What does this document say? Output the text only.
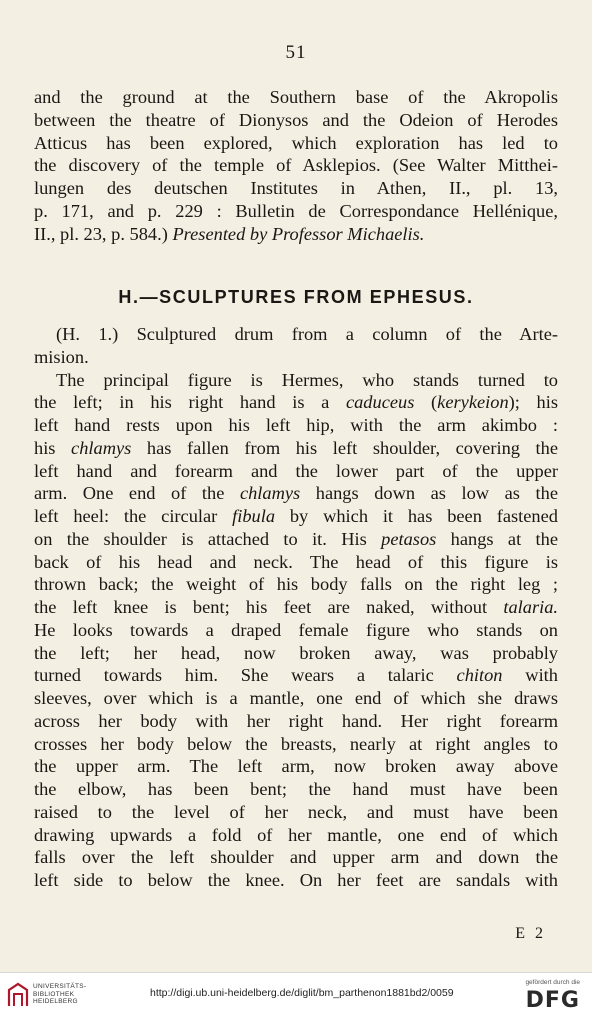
51
and the ground at the Southern base of the Akropolis
between the theatre of Dionysos and the Odeion of Herodes
Atticus has been explored, which exploration has led to
the discovery of the temple of Asklepios. (See Walter Mitthei-
lungen des deutschen Institutes in Athen, II., pl. 13,
p. 171, and p. 229 : Bulletin de Correspondance Hellénique,
II., pl. 23, p. 584.) Presented by Professor Michaelis.
H.—SCULPTURES FROM EPHESUS.
(H. 1.) Sculptured drum from a column of the Arte-
mision.
The principal figure is Hermes, who stands turned to
the left; in his right hand is a caduceus (kerykeion); his
left hand rests upon his left hip, with the arm akimbo :
his chlamys has fallen from his left shoulder, covering the
left hand and forearm and the lower part of the upper
arm. One end of the chlamys hangs down as low as the
left heel: the circular fibula by which it has been fastened
on the shoulder is attached to it. His petasos hangs at the
back of his head and neck. The head of this figure is
thrown back; the weight of his body falls on the right leg ;
the left knee is bent; his feet are naked, without talaria.
He looks towards a draped female figure who stands on
the left; her head, now broken away, was probably
turned towards him. She wears a talaric chiton with
sleeves, over which is a mantle, one end of which she draws
across her body with her right hand. Her right forearm
crosses her body below the breasts, nearly at right angles to
the upper arm. The left arm, now broken away above
the elbow, has been bent; the hand must have been
raised to the level of her neck, and must have been
drawing upwards a fold of her mantle, one end of which
falls over the left shoulder and upper arm and down the
left side to below the knee. On her feet are sandals with
E 2
UNIVERSITÄTS-
BIBLIOTHEK
HEIDELBERG
http://digi.ub.uni-heidelberg.de/diglit/bm_parthenon1881bd2/0059
gefördert durch die
DFG
